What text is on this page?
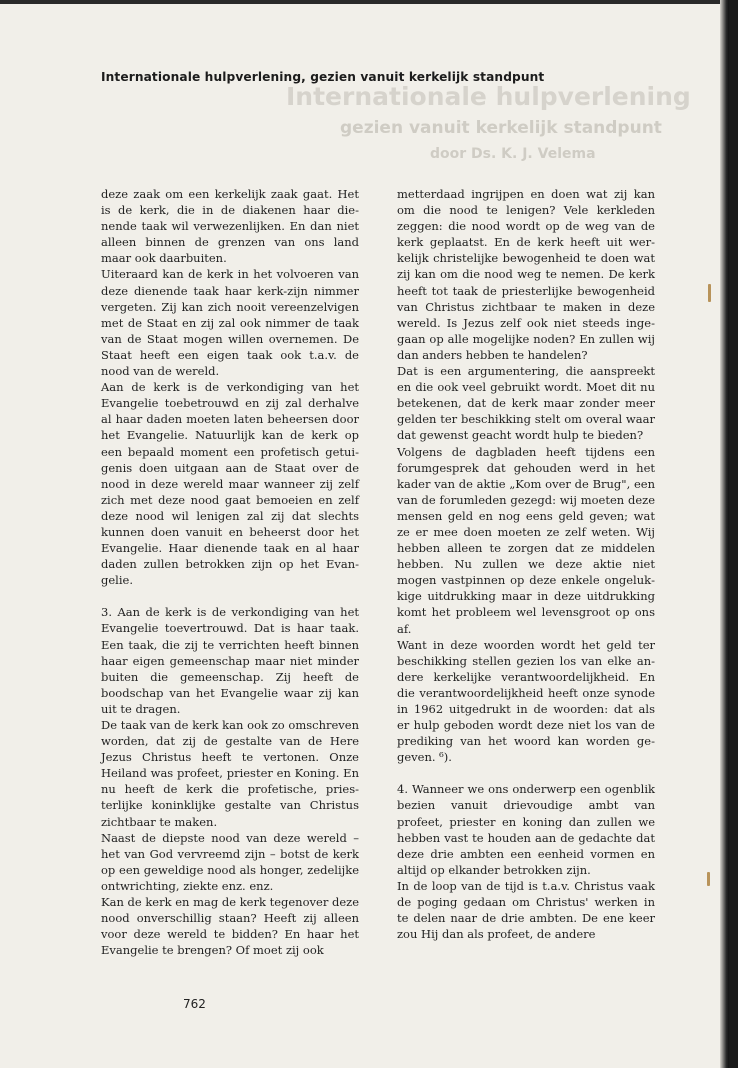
Internationale hulpverlening
gezien vanuit kerkelijk standpunt
door Ds. K. J. Velema
Internationale hulpverlening, gezien vanuit kerkelijk standpunt

deze zaak om een kerkelijk zaak gaat. Het is de kerk, die in de diakenen haar dienende taak wil verwezenlijken. En dan niet alleen binnen de grenzen van ons land maar ook daarbuiten.

Uiteraard kan de kerk in het volvoeren van deze dienende taak haar kerk-zijn nimmer vergeten. Zij kan zich nooit vereenzelvigen met de Staat en zij zal ook nimmer de taak van de Staat mogen willen overnemen. De Staat heeft een eigen taak ook t.a.v. de nood van de wereld.

Aan de kerk is de verkondiging van het Evangelie toebetrouwd en zij zal derhalve al haar daden moeten laten beheersen door het Evangelie. Natuurlijk kan de kerk op een bepaald moment een profetisch getuigenis doen uitgaan aan de Staat over de nood in deze wereld maar wanneer zij zelf zich met deze nood gaat bemoeien en zelf deze nood wil lenigen zal zij dat slechts kunnen doen vanuit en beheerst door het Evangelie. Haar dienende taak en al haar daden zullen betrokken zijn op het Evangelie.

3. Aan de kerk is de verkondiging van het Evangelie toevertrouwd. Dat is haar taak. Een taak, die zij te verrichten heeft binnen haar eigen gemeenschap maar niet minder buiten die gemeenschap. Zij heeft de boodschap van het Evangelie waar zij kan uit te dragen.

De taak van de kerk kan ook zo omschreven worden, dat zij de gestalte van de Here Jezus Christus heeft te vertonen. Onze Heiland was profeet, priester en Koning. En nu heeft de kerk die profetische, priesterlijke koninklijke gestalte van Christus zichtbaar te maken.

Naast de diepste nood van deze wereld – het van God vervreemd zijn – botst de kerk op een geweldige nood als honger, zedelijke ontwrichting, ziekte enz. enz.

Kan de kerk en mag de kerk tegenover deze nood onverschillig staan? Heeft zij alleen voor deze wereld te bidden? En haar het Evangelie te brengen? Of moet zij ook

metterdaad ingrijpen en doen wat zij kan om die nood te lenigen? Vele kerkleden zeggen: die nood wordt op de weg van de kerk geplaatst. En de kerk heeft uit werkelijk christelijke bewogenheid te doen wat zij kan om die nood weg te nemen. De kerk heeft tot taak de priesterlijke bewogenheid van Christus zichtbaar te maken in deze wereld. Is Jezus zelf ook niet steeds ingegaan op alle mogelijke noden? En zullen wij dan anders hebben te handelen?

Dat is een argumentering, die aanspreekt en die ook veel gebruikt wordt. Moet dit nu betekenen, dat de kerk maar zonder meer gelden ter beschikking stelt om overal waar dat gewenst geacht wordt hulp te bieden?

Volgens de dagbladen heeft tijdens een forumgesprek dat gehouden werd in het kader van de aktie „Kom over de Brug", een van de forumleden gezegd: wij moeten deze mensen geld en nog eens geld geven; wat ze er mee doen moeten ze zelf weten. Wij hebben alleen te zorgen dat ze middelen hebben. Nu zullen we deze aktie niet mogen vastpinnen op deze enkele ongelukkige uitdrukking maar in deze uitdrukking komt het probleem wel levensgroot op ons af.

Want in deze woorden wordt het geld ter beschikking stellen gezien los van elke andere kerkelijke verantwoordelijkheid. En die verantwoordelijkheid heeft onze synode in 1962 uitgedrukt in de woorden: dat als er hulp geboden wordt deze niet los van de prediking van het woord kan worden gegeven. ⁶).

4. Wanneer we ons onderwerp een ogenblik bezien vanuit drievoudige ambt van profeet, priester en koning dan zullen we hebben vast te houden aan de gedachte dat deze drie ambten een eenheid vormen en altijd op elkander betrokken zijn.

In de loop van de tijd is t.a.v. Christus vaak de poging gedaan om Christus' werken in te delen naar de drie ambten. De ene keer zou Hij dan als profeet, de andere

762
